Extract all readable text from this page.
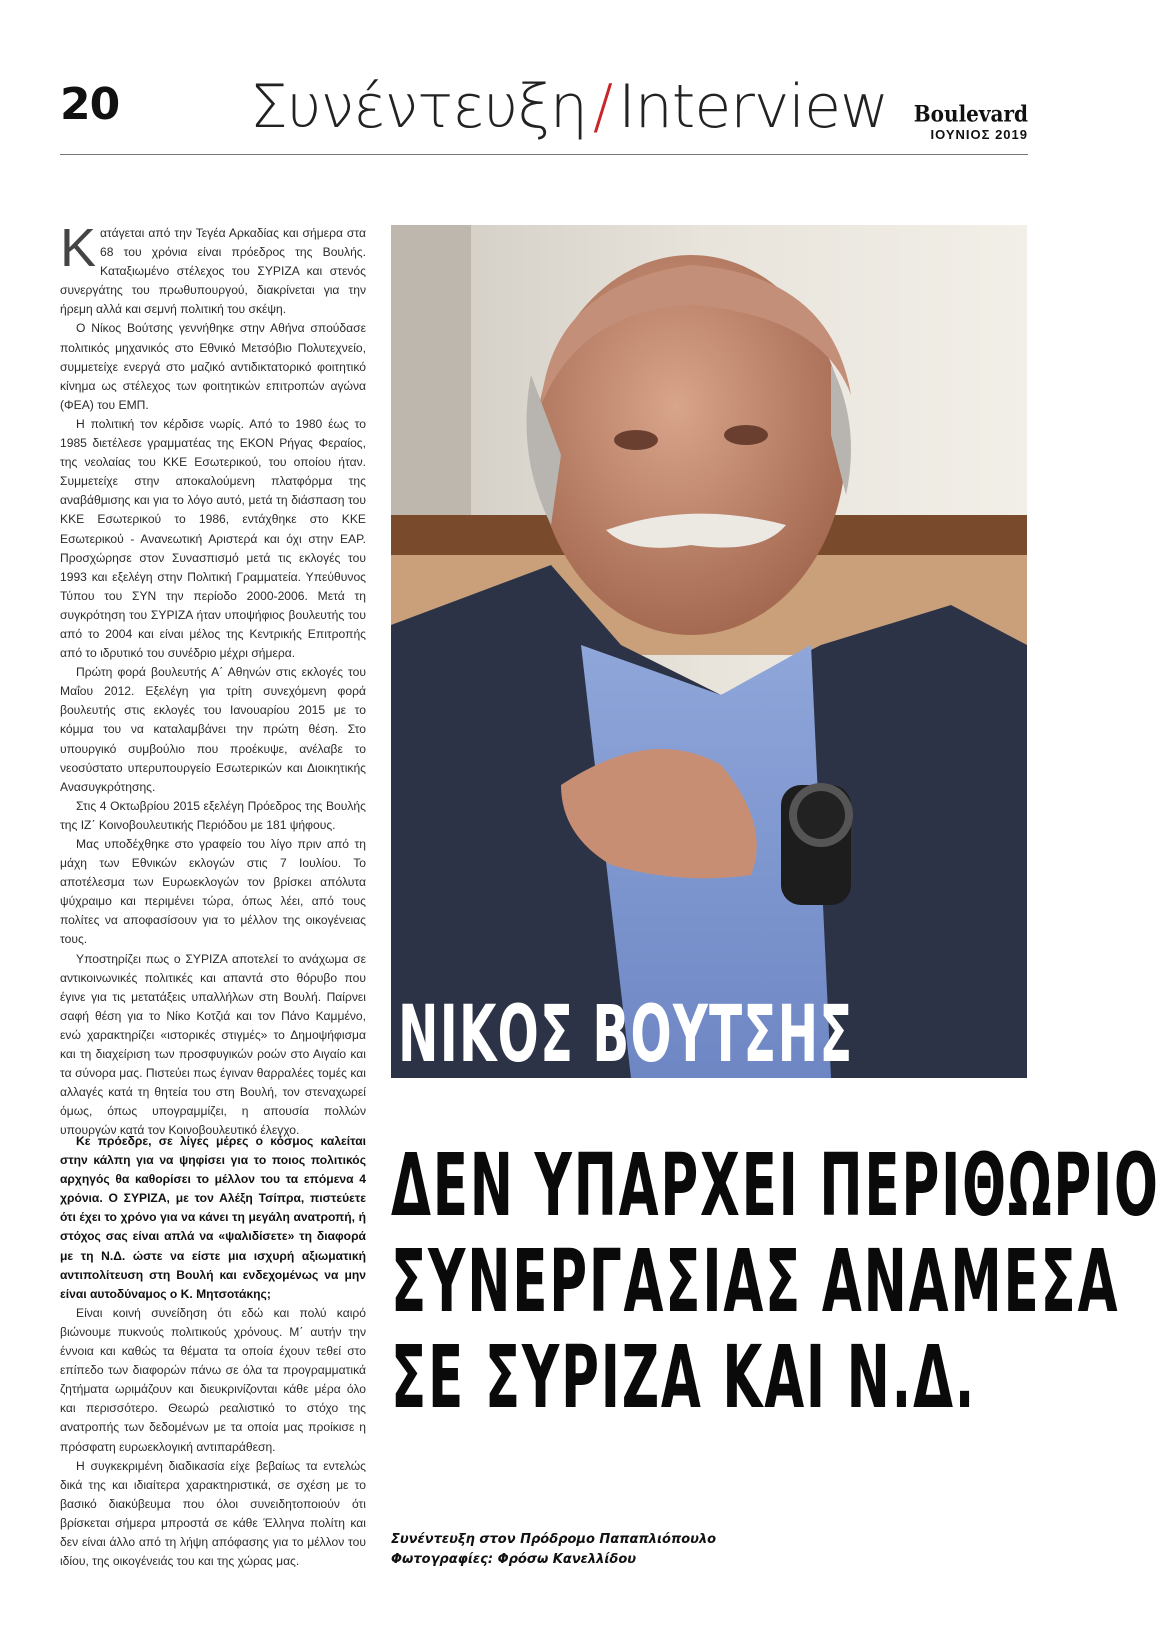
20 Συνέντευξη / Interview Boulevard
ΙΟΥΝΙΟΣ 2019

Κατάγεται από την Τεγέα Αρκαδίας και σήμερα στα 68 του χρόνια είναι πρόεδρος της Βουλής. Καταξιωμένο στέλεχος του ΣΥΡΙΖΑ και στενός συνεργάτης του πρωθυπουργού, διακρίνεται για την ήρεμη αλλά και σεμνή πολιτική του σκέψη.

Ο Νίκος Βούτσης γεννήθηκε στην Αθήνα σπούδασε πολιτικός μηχανικός στο Εθνικό Μετσόβιο Πολυτεχνείο, συμμετείχε ενεργά στο μαζικό αντιδικτατορικό φοιτητικό κίνημα ως στέλεχος των φοιτητικών επιτροπών αγώνα (ΦΕΑ) του ΕΜΠ.

Η πολιτική τον κέρδισε νωρίς. Από το 1980 έως το 1985 διετέλεσε γραμματέας της ΕΚΟΝ Ρήγας Φεραίος, της νεολαίας του ΚΚΕ Εσωτερικού, του οποίου ήταν. Συμμετείχε στην αποκαλούμενη πλατφόρμα της αναβάθμισης και για το λόγο αυτό, μετά τη διάσπαση του ΚΚΕ Εσωτερικού το 1986, εντάχθηκε στο ΚΚΕ Εσωτερικού - Ανανεωτική Αριστερά και όχι στην ΕΑΡ. Προσχώρησε στον Συνασπισμό μετά τις εκλογές του 1993 και εξελέγη στην Πολιτική Γραμματεία. Υπεύθυνος Τύπου του ΣΥΝ την περίοδο 2000-2006. Μετά τη συγκρότηση του ΣΥΡΙΖΑ ήταν υποψήφιος βουλευτής του από το 2004 και είναι μέλος της Κεντρικής Επιτροπής από το ιδρυτικό του συνέδριο μέχρι σήμερα.

Πρώτη φορά βουλευτής Α΄ Αθηνών στις εκλογές του Μαΐου 2012. Εξελέγη για τρίτη συνεχόμενη φορά βουλευτής στις εκλογές του Ιανουαρίου 2015 με το κόμμα του να καταλαμβάνει την πρώτη θέση. Στο υπουργικό συμβούλιο που προέκυψε, ανέλαβε το νεοσύστατο υπερυπουργείο Εσωτερικών και Διοικητικής Ανασυγκρότησης.

Στις 4 Οκτωβρίου 2015 εξελέγη Πρόεδρος της Βουλής της ΙΖ΄ Κοινοβουλευτικής Περιόδου με 181 ψήφους.

Μας υποδέχθηκε στο γραφείο του λίγο πριν από τη μάχη των Εθνικών εκλογών στις 7 Ιουλίου. Το αποτέλεσμα των Ευρωεκλογών τον βρίσκει απόλυτα ψύχραιμο και περιμένει τώρα, όπως λέει, από τους πολίτες να αποφασίσουν για το μέλλον της οικογένειας τους.

Υποστηρίζει πως ο ΣΥΡΙΖΑ αποτελεί το ανάχωμα σε αντικοινωνικές πολιτικές και απαντά στο θόρυβο που έγινε για τις μετατάξεις υπαλλήλων στη Βουλή. Παίρνει σαφή θέση για το Νίκο Κοτζιά και τον Πάνο Καμμένο, ενώ χαρακτηρίζει «ιστορικές στιγμές» το Δημοψήφισμα και τη διαχείριση των προσφυγικών ροών στο Αιγαίο και τα σύνορα μας. Πιστεύει πως έγιναν θαρραλέες τομές και αλλαγές κατά τη θητεία του στη Βουλή, τον στεναχωρεί όμως, όπως υπογραμμίζει, η απουσία πολλών υπουργών κατά τον Κοινοβουλευτικό έλεγχο.

ΝΙΚΟΣ ΒΟΥΤΣΗΣ

Κε πρόεδρε, σε λίγες μέρες ο κόσμος καλείται στην κάλπη για να ψηφίσει για το ποιος πολιτικός αρχηγός θα καθορίσει το μέλλον του τα επόμενα 4 χρόνια. Ο ΣΥΡΙΖΑ, με τον Αλέξη Τσίπρα, πιστεύετε ότι έχει το χρόνο για να κάνει τη μεγάλη ανατροπή, ή στόχος σας είναι απλά να «ψαλιδίσετε» τη διαφορά με τη Ν.Δ. ώστε να είστε μια ισχυρή αξιωματική αντιπολίτευση στη Βουλή και ενδεχομένως να μην είναι αυτοδύναμος ο Κ. Μητσοτάκης;

Είναι κοινή συνείδηση ότι εδώ και πολύ καιρό βιώνουμε πυκνούς πολιτικούς χρόνους. Μ΄ αυτήν την έννοια και καθώς τα θέματα τα οποία έχουν τεθεί στο επίπεδο των διαφορών πάνω σε όλα τα προγραμματικά ζητήματα ωριμάζουν και διευκρινίζονται κάθε μέρα όλο και περισσότερο. Θεωρώ ρεαλιστικό το στόχο της ανατροπής των δεδομένων με τα οποία μας προίκισε η πρόσφατη ευρωεκλογική αντιπαράθεση.

Η συγκεκριμένη διαδικασία είχε βεβαίως τα εντελώς δικά της και ιδιαίτερα χαρακτηριστικά, σε σχέση με το βασικό διακύβευμα που όλοι συνειδητοποιούν ότι βρίσκεται σήμερα μπροστά σε κάθε Έλληνα πολίτη και δεν είναι άλλο από τη λήψη απόφασης για το μέλλον του ιδίου, της οικογένειάς του και της χώρας μας.

ΔΕΝ ΥΠΑΡΧΕΙ ΠΕΡΙΘΩΡΙΟ
ΣΥΝΕΡΓΑΣΙΑΣ ΑΝΑΜΕΣΑ
ΣΕ ΣΥΡΙΖΑ ΚΑΙ Ν.Δ.
Συνέντευξη στον Πρόδρομο Παπαπλιόπουλο
Φωτογραφίες: Φρόσω Κανελλίδου
